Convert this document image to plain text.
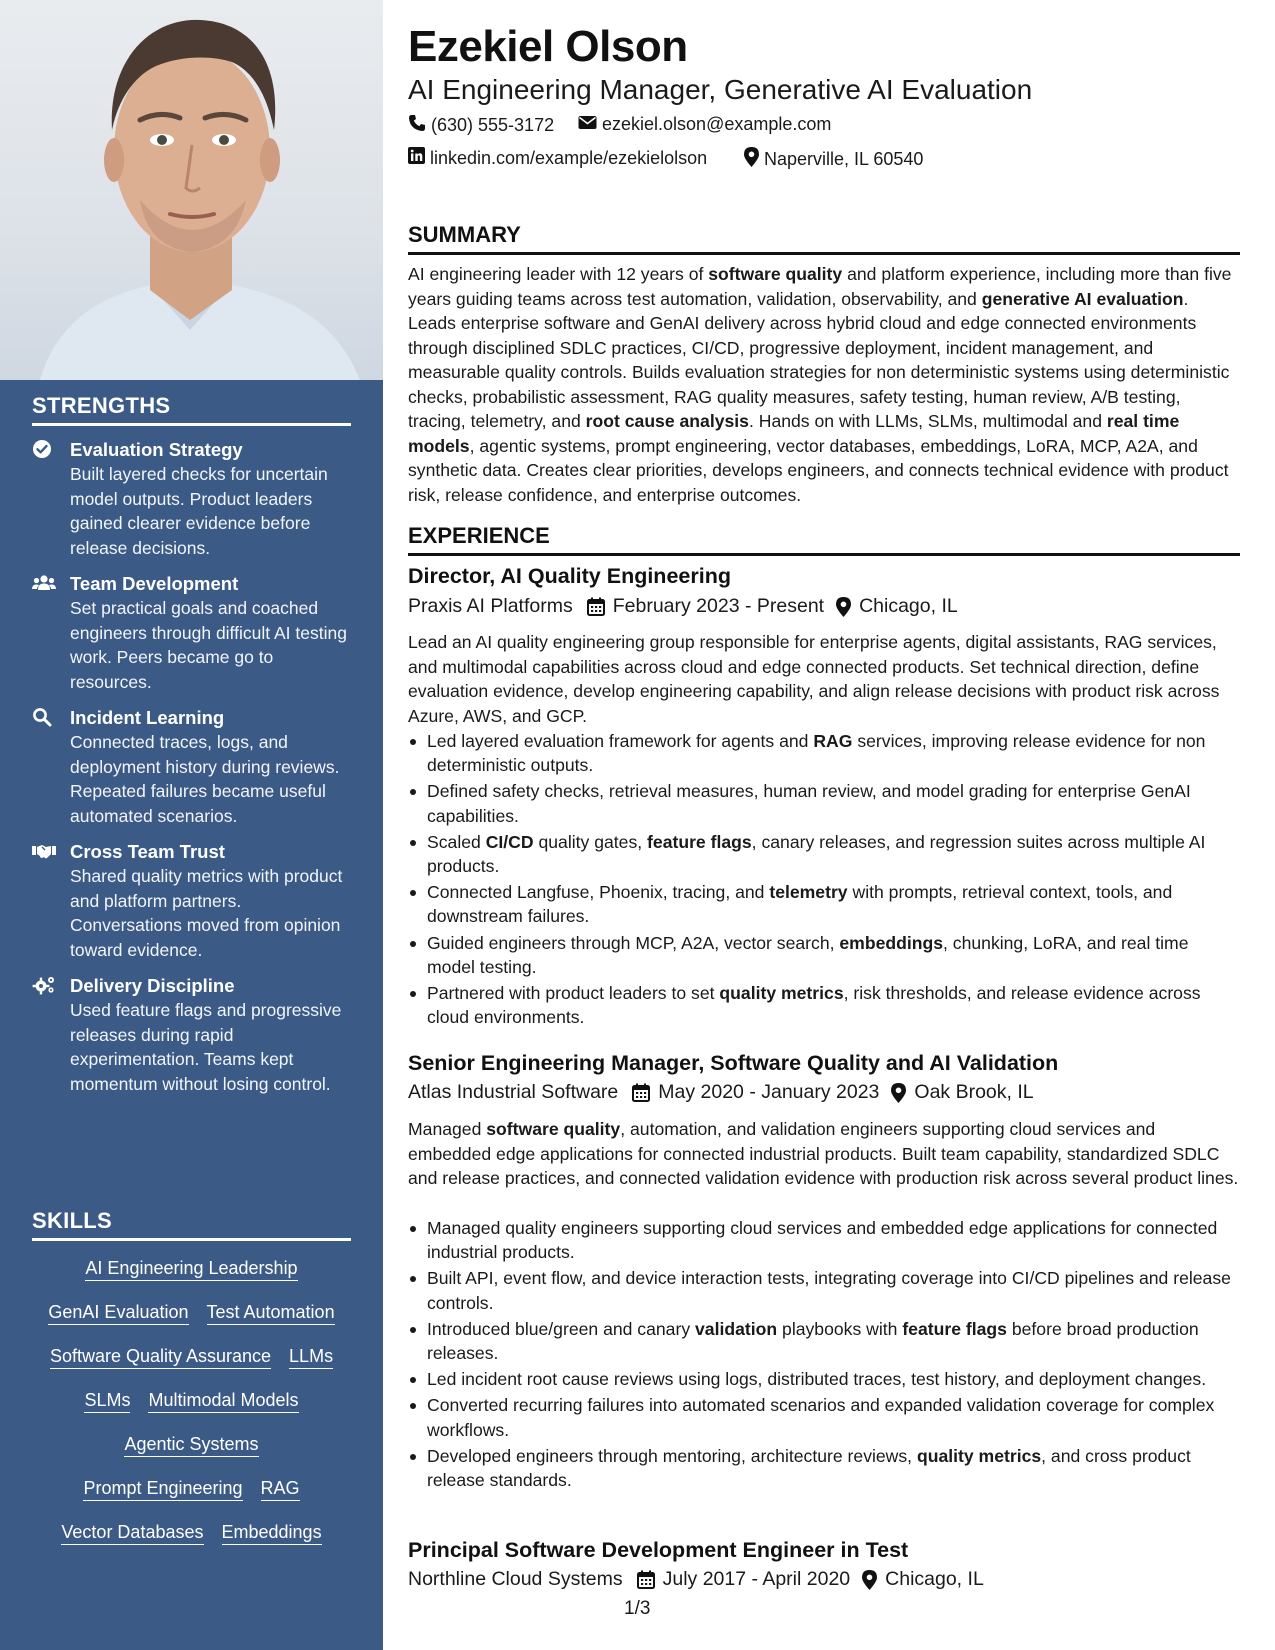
STRENGTHS
Evaluation Strategy
Built layered checks for uncertain model outputs. Product leaders gained clearer evidence before release decisions.
Team Development
Set practical goals and coached engineers through difficult AI testing work. Peers became go to resources.
Incident Learning
Connected traces, logs, and deployment history during reviews. Repeated failures became useful automated scenarios.
Cross Team Trust
Shared quality metrics with product and platform partners. Conversations moved from opinion toward evidence.
Delivery Discipline
Used feature flags and progressive releases during rapid experimentation. Teams kept momentum without losing control.
SKILLS
AI Engineering Leadership
GenAI Evaluation Test Automation
Software Quality Assurance LLMs
SLMs Multimodal Models
Agentic Systems
Prompt Engineering RAG
Vector Databases Embeddings
Ezekiel Olson
AI Engineering Manager, Generative AI Evaluation
(630) 555-3172	ezekiel.olson@example.com
linkedin.com/example/ezekielolson	Naperville, IL 60540
SUMMARY
AI engineering leader with 12 years of software quality and platform experience, including more than five years guiding teams across test automation, validation, observability, and generative AI evaluation. Leads enterprise software and GenAI delivery across hybrid cloud and edge connected environments through disciplined SDLC practices, CI/CD, progressive deployment, incident management, and measurable quality controls. Builds evaluation strategies for non deterministic systems using deterministic checks, probabilistic assessment, RAG quality measures, safety testing, human review, A/B testing, tracing, telemetry, and root cause analysis. Hands on with LLMs, SLMs, multimodal and real time models, agentic systems, prompt engineering, vector databases, embeddings, LoRA, MCP, A2A, and synthetic data. Creates clear priorities, develops engineers, and connects technical evidence with product risk, release confidence, and enterprise outcomes.
EXPERIENCE
Director, AI Quality Engineering
Praxis AI Platforms February 2023 - Present Chicago, IL
Lead an AI quality engineering group responsible for enterprise agents, digital assistants, RAG services, and multimodal capabilities across cloud and edge connected products. Set technical direction, define evaluation evidence, develop engineering capability, and align release decisions with product risk across Azure, AWS, and GCP.
Led layered evaluation framework for agents and RAG services, improving release evidence for non deterministic outputs.
Defined safety checks, retrieval measures, human review, and model grading for enterprise GenAI capabilities.
Scaled CI/CD quality gates, feature flags, canary releases, and regression suites across multiple AI products.
Connected Langfuse, Phoenix, tracing, and telemetry with prompts, retrieval context, tools, and downstream failures.
Guided engineers through MCP, A2A, vector search, embeddings, chunking, LoRA, and real time model testing.
Partnered with product leaders to set quality metrics, risk thresholds, and release evidence across cloud environments.
Senior Engineering Manager, Software Quality and AI Validation
Atlas Industrial Software May 2020 - January 2023 Oak Brook, IL
Managed software quality, automation, and validation engineers supporting cloud services and embedded edge applications for connected industrial products. Built team capability, standardized SDLC and release practices, and connected validation evidence with production risk across several product lines.
Managed quality engineers supporting cloud services and embedded edge applications for connected industrial products.
Built API, event flow, and device interaction tests, integrating coverage into CI/CD pipelines and release controls.
Introduced blue/green and canary validation playbooks with feature flags before broad production releases.
Led incident root cause reviews using logs, distributed traces, test history, and deployment changes.
Converted recurring failures into automated scenarios and expanded validation coverage for complex workflows.
Developed engineers through mentoring, architecture reviews, quality metrics, and cross product release standards.
Principal Software Development Engineer in Test
Northline Cloud Systems July 2017 - April 2020 Chicago, IL
1/3
